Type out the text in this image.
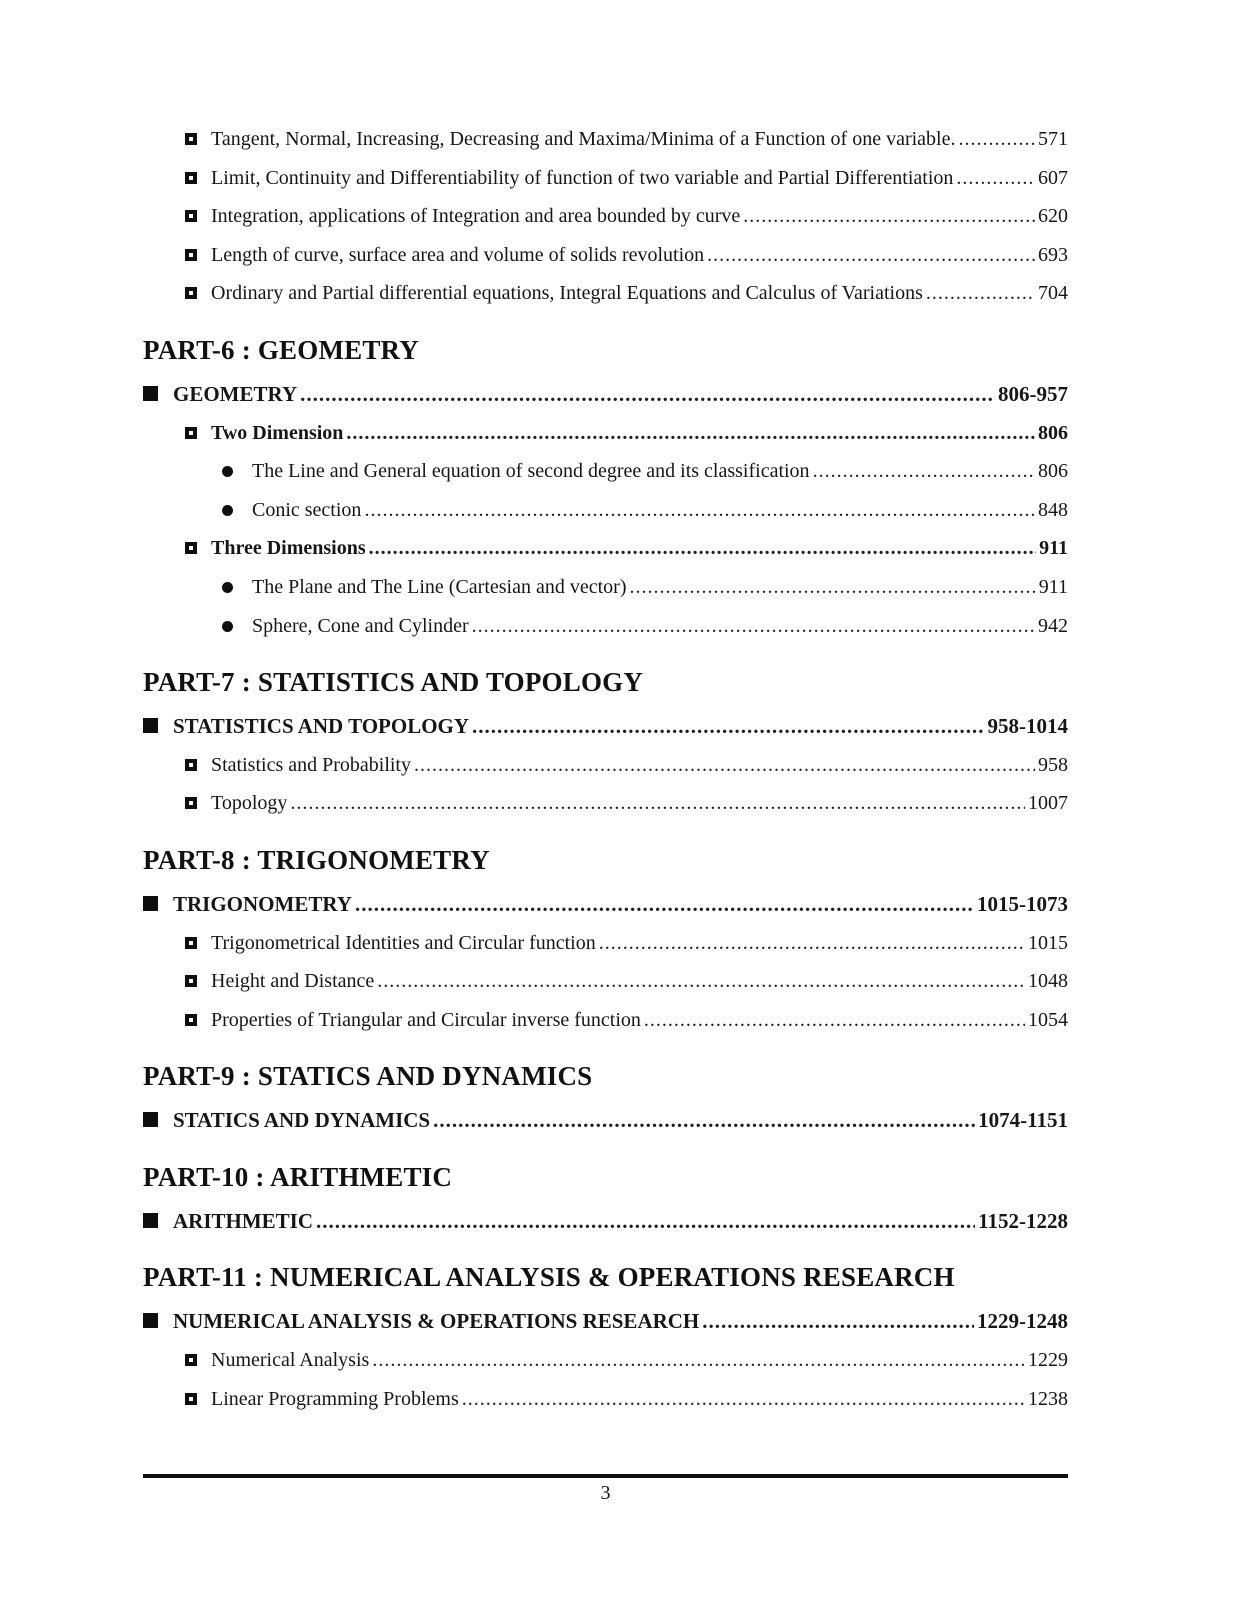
Tangent, Normal, Increasing, Decreasing and Maxima/Minima of a Function of one variable. .....	571
Limit, Continuity and Differentiability of function of two variable and Partial Differentiation .....	607
Integration, applications of Integration and area bounded by curve .....	620
Length of curve, surface area and volume of solids revolution .....	693
Ordinary and Partial differential equations, Integral Equations and Calculus of Variations .....	704
PART-6 : GEOMETRY
GEOMETRY .....	806-957
Two Dimension .....	806
The Line and General equation of second degree and its classification .....	806
Conic section .....	848
Three Dimensions .....	911
The Plane and The Line (Cartesian and vector) .....	911
Sphere, Cone and Cylinder .....	942
PART-7 : STATISTICS AND TOPOLOGY
STATISTICS AND TOPOLOGY .....	958-1014
Statistics and Probability .....	958
Topology .....	1007
PART-8 : TRIGONOMETRY
TRIGONOMETRY .....	1015-1073
Trigonometrical Identities and Circular function .....	1015
Height and Distance .....	1048
Properties of Triangular and Circular inverse function .....	1054
PART-9 : STATICS AND DYNAMICS
STATICS AND DYNAMICS .....	1074-1151
PART-10 : ARITHMETIC
ARITHMETIC .....	1152-1228
PART-11 : NUMERICAL ANALYSIS & OPERATIONS RESEARCH
NUMERICAL ANALYSIS & OPERATIONS RESEARCH .....	1229-1248
Numerical Analysis .....	1229
Linear Programming Problems .....	1238
3
